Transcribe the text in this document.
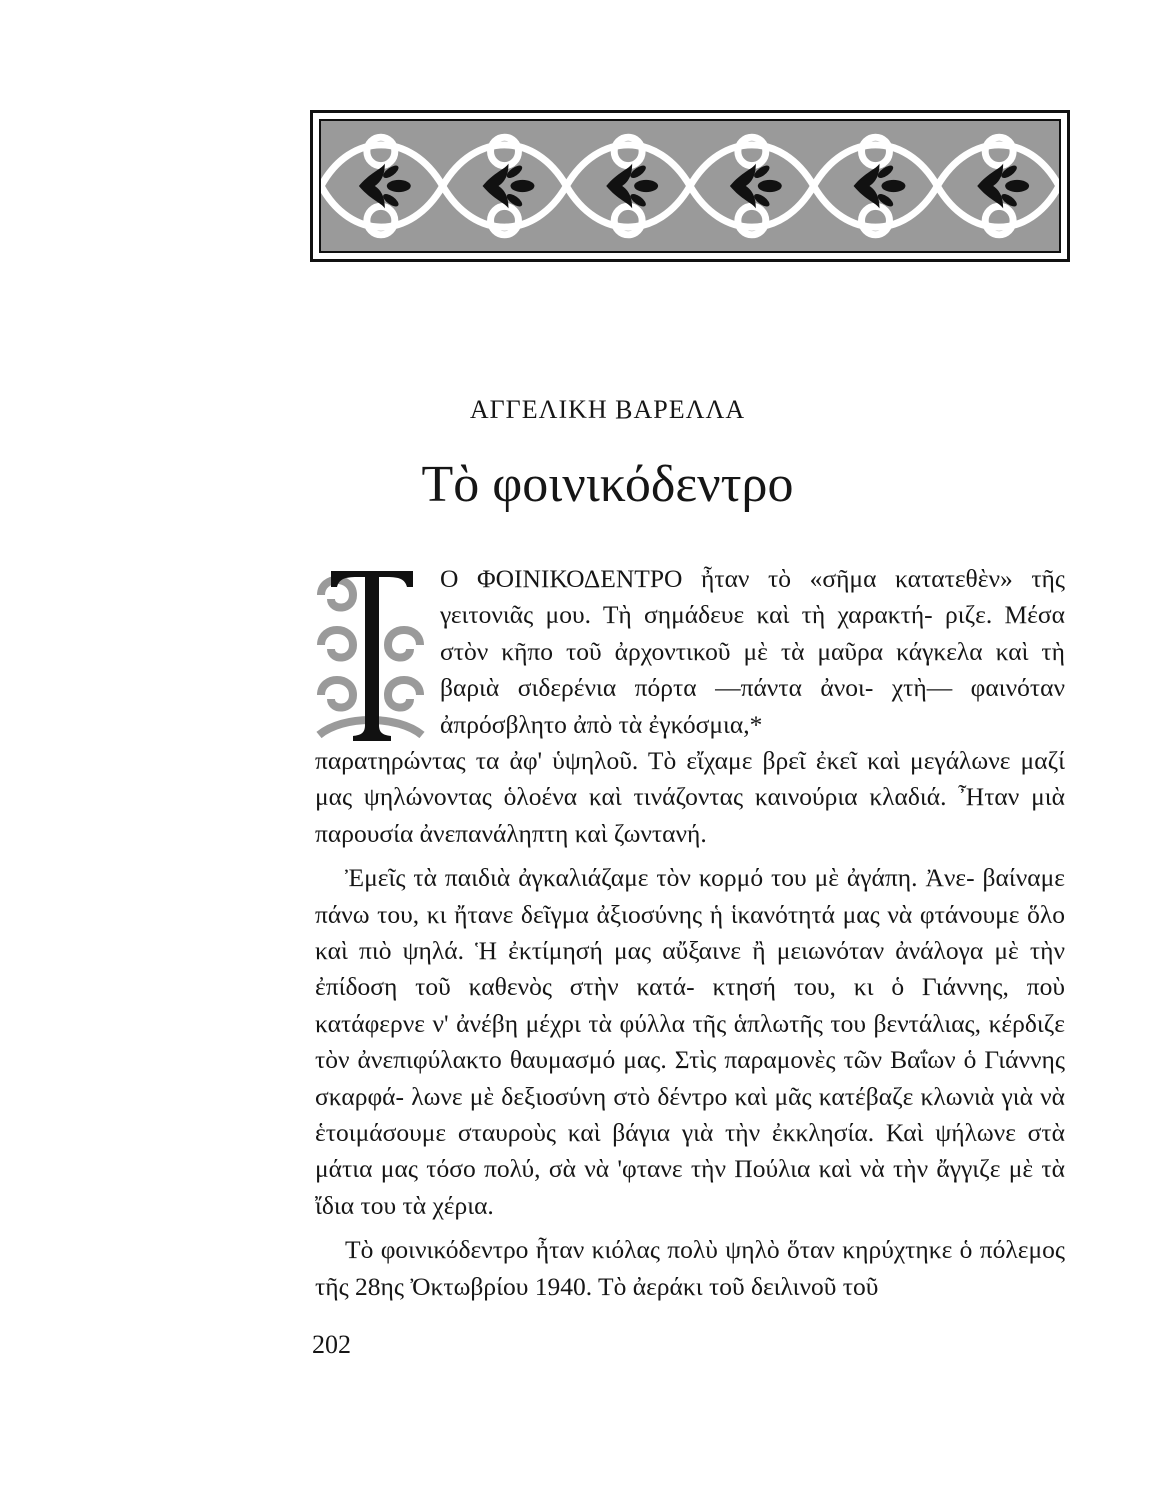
ΑΓΓΕΛΙΚΗ ΒΑΡΕΛΛΑ
Τὸ φοινικόδεντρο

Ο ΦΟΙΝΙΚΟΔΕΝΤΡΟ ἦταν τὸ «σῆμα κατατεθὲν» τῆς γειτονιᾶς μου. Τὴ σημάδευε καὶ τὴ χαρακτή- ριζε. Μέσα στὸν κῆπο τοῦ ἀρχοντικοῦ μὲ τὰ μαῦρα κάγκελα καὶ τὴ βαριὰ σιδερένια πόρτα —πάντα ἀνοι- χτὴ— φαινόταν ἀπρόσβλητο ἀπὸ τὰ ἐγκόσμια,*

παρατηρώντας τα ἀφ' ὑψηλοῦ. Τὸ εἴχαμε βρεῖ ἐκεῖ καὶ μεγάλωνε μαζί μας ψηλώνοντας ὁλοένα καὶ τινάζοντας καινούρια κλαδιά. Ἦταν μιὰ παρουσία ἀνεπανάληπτη καὶ ζωντανή.

Ἐμεῖς τὰ παιδιὰ ἀγκαλιάζαμε τὸν κορμό του μὲ ἀγάπη. Ἀνε- βαίναμε πάνω του, κι ἤτανε δεῖγμα ἀξιοσύνης ἡ ἱκανότητά μας νὰ φτάνουμε ὅλο καὶ πιὸ ψηλά. Ἡ ἐκτίμησή μας αὔξαινε ἢ μειωνόταν ἀνάλογα μὲ τὴν ἐπίδοση τοῦ καθενὸς στὴν κατά- κτησή του, κι ὁ Γιάννης, ποὺ κατάφερνε ν' ἀνέβη μέχρι τὰ φύλλα τῆς ἁπλωτῆς του βεντάλιας, κέρδιζε τὸν ἀνεπιφύλακτο θαυμασμό μας. Στὶς παραμονὲς τῶν Βαΐων ὁ Γιάννης σκαρφά- λωνε μὲ δεξιοσύνη στὸ δέντρο καὶ μᾶς κατέβαζε κλωνιὰ γιὰ νὰ ἑτοιμάσουμε σταυροὺς καὶ βάγια γιὰ τὴν ἐκκλησία. Καὶ ψήλωνε στὰ μάτια μας τόσο πολύ, σὰ νὰ 'φτανε τὴν Πούλια καὶ νὰ τὴν ἄγγιζε μὲ τὰ ἴδια του τὰ χέρια.

Τὸ φοινικόδεντρο ἦταν κιόλας πολὺ ψηλὸ ὅταν κηρύχτηκε ὁ πόλεμος τῆς 28ης Ὀκτωβρίου 1940. Τὸ ἀεράκι τοῦ δειλινοῦ τοῦ

202
